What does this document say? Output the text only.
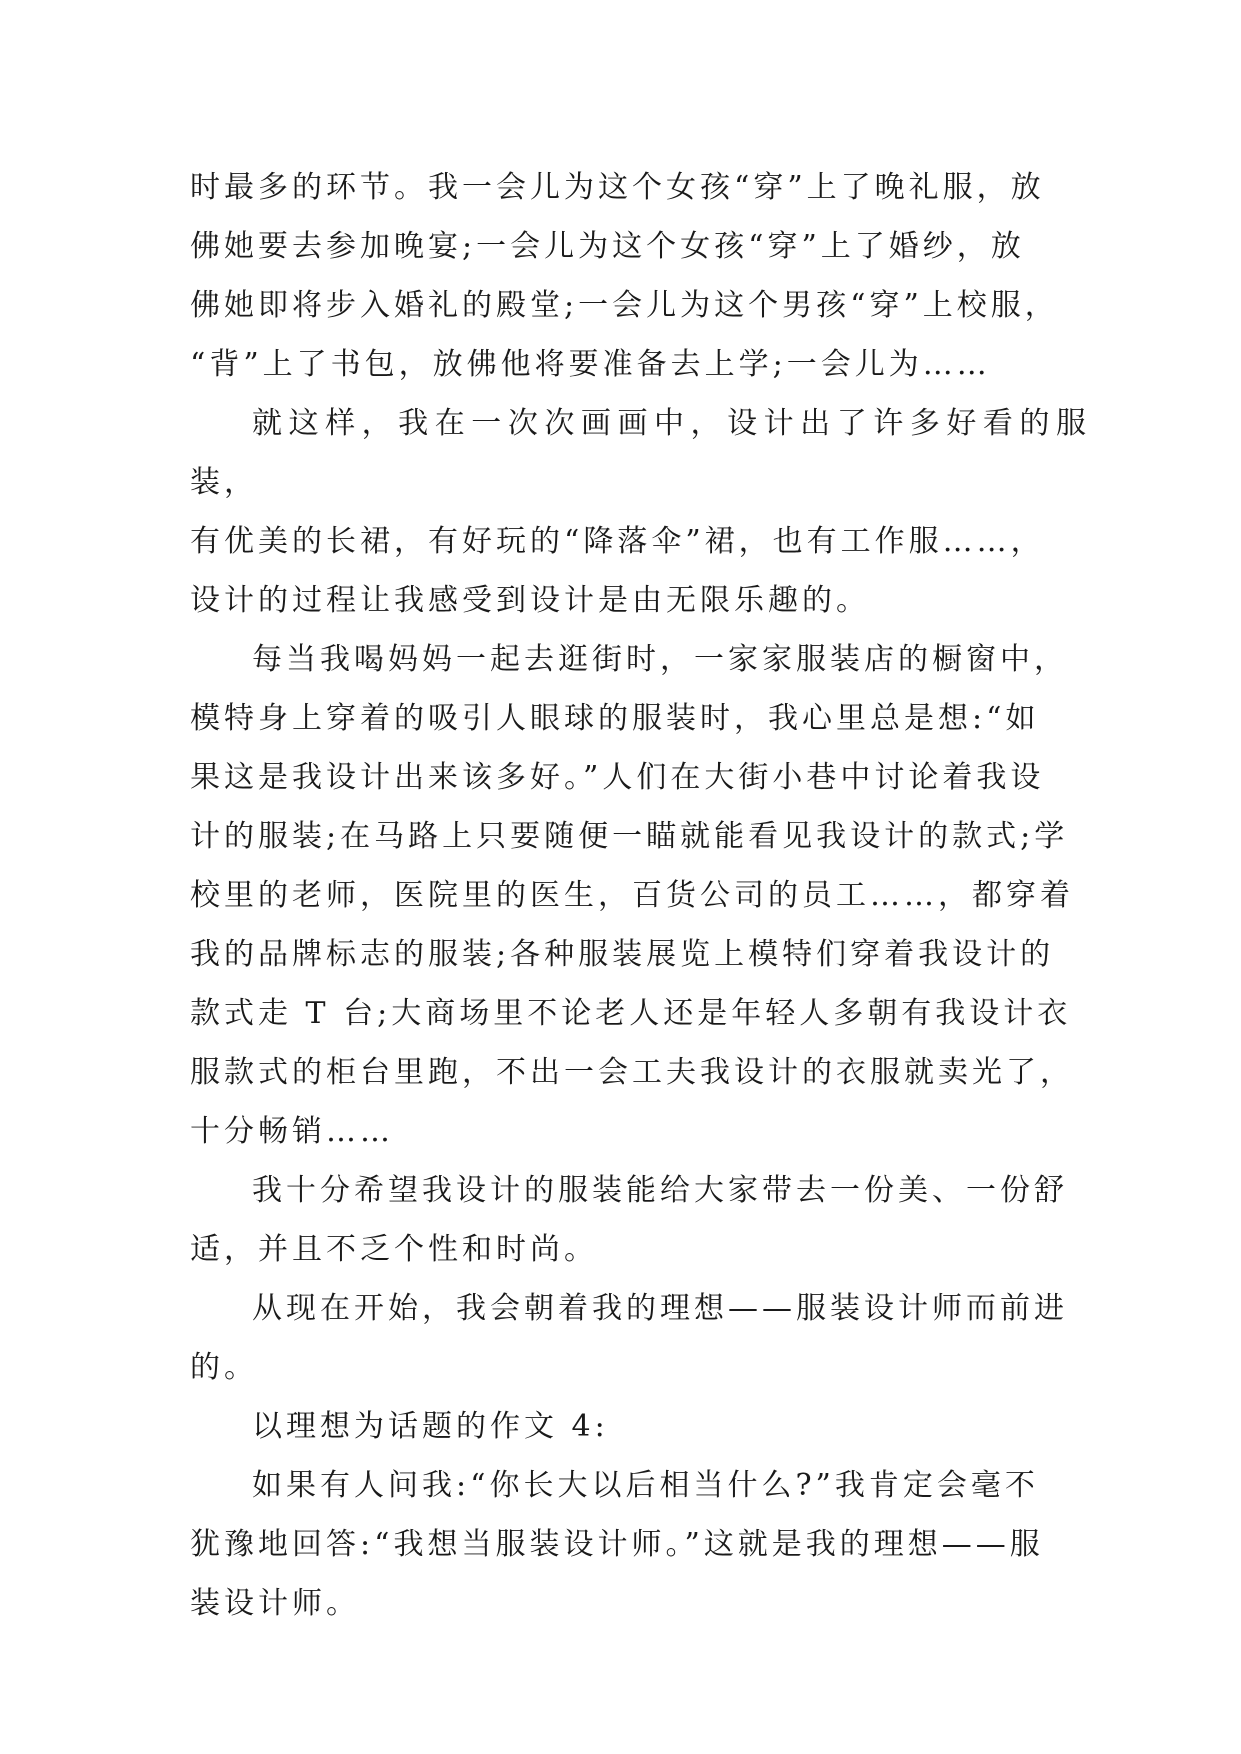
时最多的环节。我一会儿为这个女孩“穿”上了晚礼服，放
佛她要去参加晚宴;一会儿为这个女孩“穿”上了婚纱，放
佛她即将步入婚礼的殿堂;一会儿为这个男孩“穿”上校服，
“背”上了书包，放佛他将要准备去上学;一会儿为……

就这样，我在一次次画画中，设计出了许多好看的服装，
有优美的长裙，有好玩的“降落伞”裙，也有工作服……，
设计的过程让我感受到设计是由无限乐趣的。

每当我喝妈妈一起去逛街时，一家家服装店的橱窗中，
模特身上穿着的吸引人眼球的服装时，我心里总是想:“如
果这是我设计出来该多好。”人们在大街小巷中讨论着我设
计的服装;在马路上只要随便一瞄就能看见我设计的款式;学
校里的老师，医院里的医生，百货公司的员工……，都穿着
我的品牌标志的服装;各种服装展览上模特们穿着我设计的
款式走 T 台;大商场里不论老人还是年轻人多朝有我设计衣
服款式的柜台里跑，不出一会工夫我设计的衣服就卖光了，
十分畅销……

我十分希望我设计的服装能给大家带去一份美、一份舒
适，并且不乏个性和时尚。

从现在开始，我会朝着我的理想——服装设计师而前进
的。

以理想为话题的作文 4:

如果有人问我:“你长大以后相当什么?”我肯定会毫不
犹豫地回答:“我想当服装设计师。”这就是我的理想——服
装设计师。
